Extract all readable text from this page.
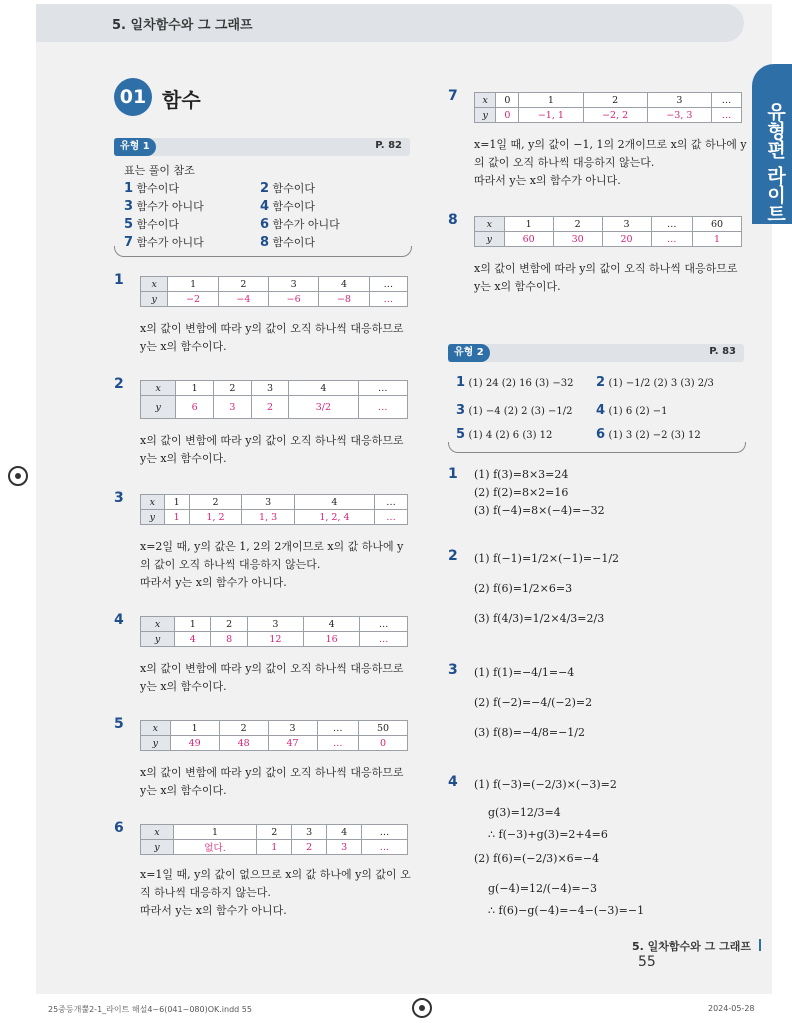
5. 일차함수와 그 그래프
유형편 라이트
01 함수
유형 1	P. 82
표는 풀이 참조
1 함수이다	2 함수이다
3 함수가 아니다	4 함수이다
5 함수이다	6 함수가 아니다
7 함수가 아니다	8 함수이다
1	x	1	2	3	4	…
y	−2	−4	−6	−8	…
x의 값이 변함에 따라 y의 값이 오직 하나씩 대응하므로 y는 x의 함수이다.
2	x	1	2	3	4	…
y	6	3	2	3/2	…
x의 값이 변함에 따라 y의 값이 오직 하나씩 대응하므로 y는 x의 함수이다.
3	x	1	2	3	4	…
y	1	1, 2	1, 3	1, 2, 4	…
x=2일 때, y의 값은 1, 2의 2개이므로 x의 값 하나에 y의 값이 오직 하나씩 대응하지 않는다.
따라서 y는 x의 함수가 아니다.
4	x	1	2	3	4	…
y	4	8	12	16	…
x의 값이 변함에 따라 y의 값이 오직 하나씩 대응하므로 y는 x의 함수이다.
5	x	1	2	3	…	50
y	49	48	47	…	0
x의 값이 변함에 따라 y의 값이 오직 하나씩 대응하므로 y는 x의 함수이다.
6	x	1	2	3	4	…
y	없다.	1	2	3	…
x=1일 때, y의 값이 없으므로 x의 값 하나에 y의 값이 오직 하나씩 대응하지 않는다.
따라서 y는 x의 함수가 아니다.
7	x	0	1	2	3	…
y	0	−1, 1	−2, 2	−3, 3	…
x=1일 때, y의 값이 −1, 1의 2개이므로 x의 값 하나에 y의 값이 오직 하나씩 대응하지 않는다.
따라서 y는 x의 함수가 아니다.
8	x	1	2	3	…	60
y	60	30	20	…	1
x의 값이 변함에 따라 y의 값이 오직 하나씩 대응하므로 y는 x의 함수이다.
유형 2	P. 83
1 (1) 24 (2) 16 (3) −32 2 (1) −1/2 (2) 3 (3) 2/3
3 (1) −4 (2) 2 (3) −1/2 4 (1) 6 (2) −1
5 (1) 4 (2) 6 (3) 12	6 (1) 3 (2) −2 (3) 12
1 (1) f(3)=8×3=24
(2) f(2)=8×2=16
(3) f(−4)=8×(−4)=−32
2 (1) f(−1)=1/2×(−1)=−1/2
(2) f(6)=1/2×6=3
(3) f(4/3)=1/2×4/3=2/3
3 (1) f(1)=−4/1=−4
(2) f(−2)=−4/(−2)=2
(3) f(8)=−4/8=−1/2
4 (1) f(−3)=(−2/3)×(−3)=2
g(3)=12/3=4
∴ f(−3)+g(3)=2+4=6
(2) f(6)=(−2/3)×6=−4
g(−4)=12/(−4)=−3
∴ f(6)−g(−4)=−4−(−3)=−1
5. 일차함수와 그 그래프55
25중등개뿔2-1_라이트 해설4~6(041~080)OK.indd 55	2024-05-28
